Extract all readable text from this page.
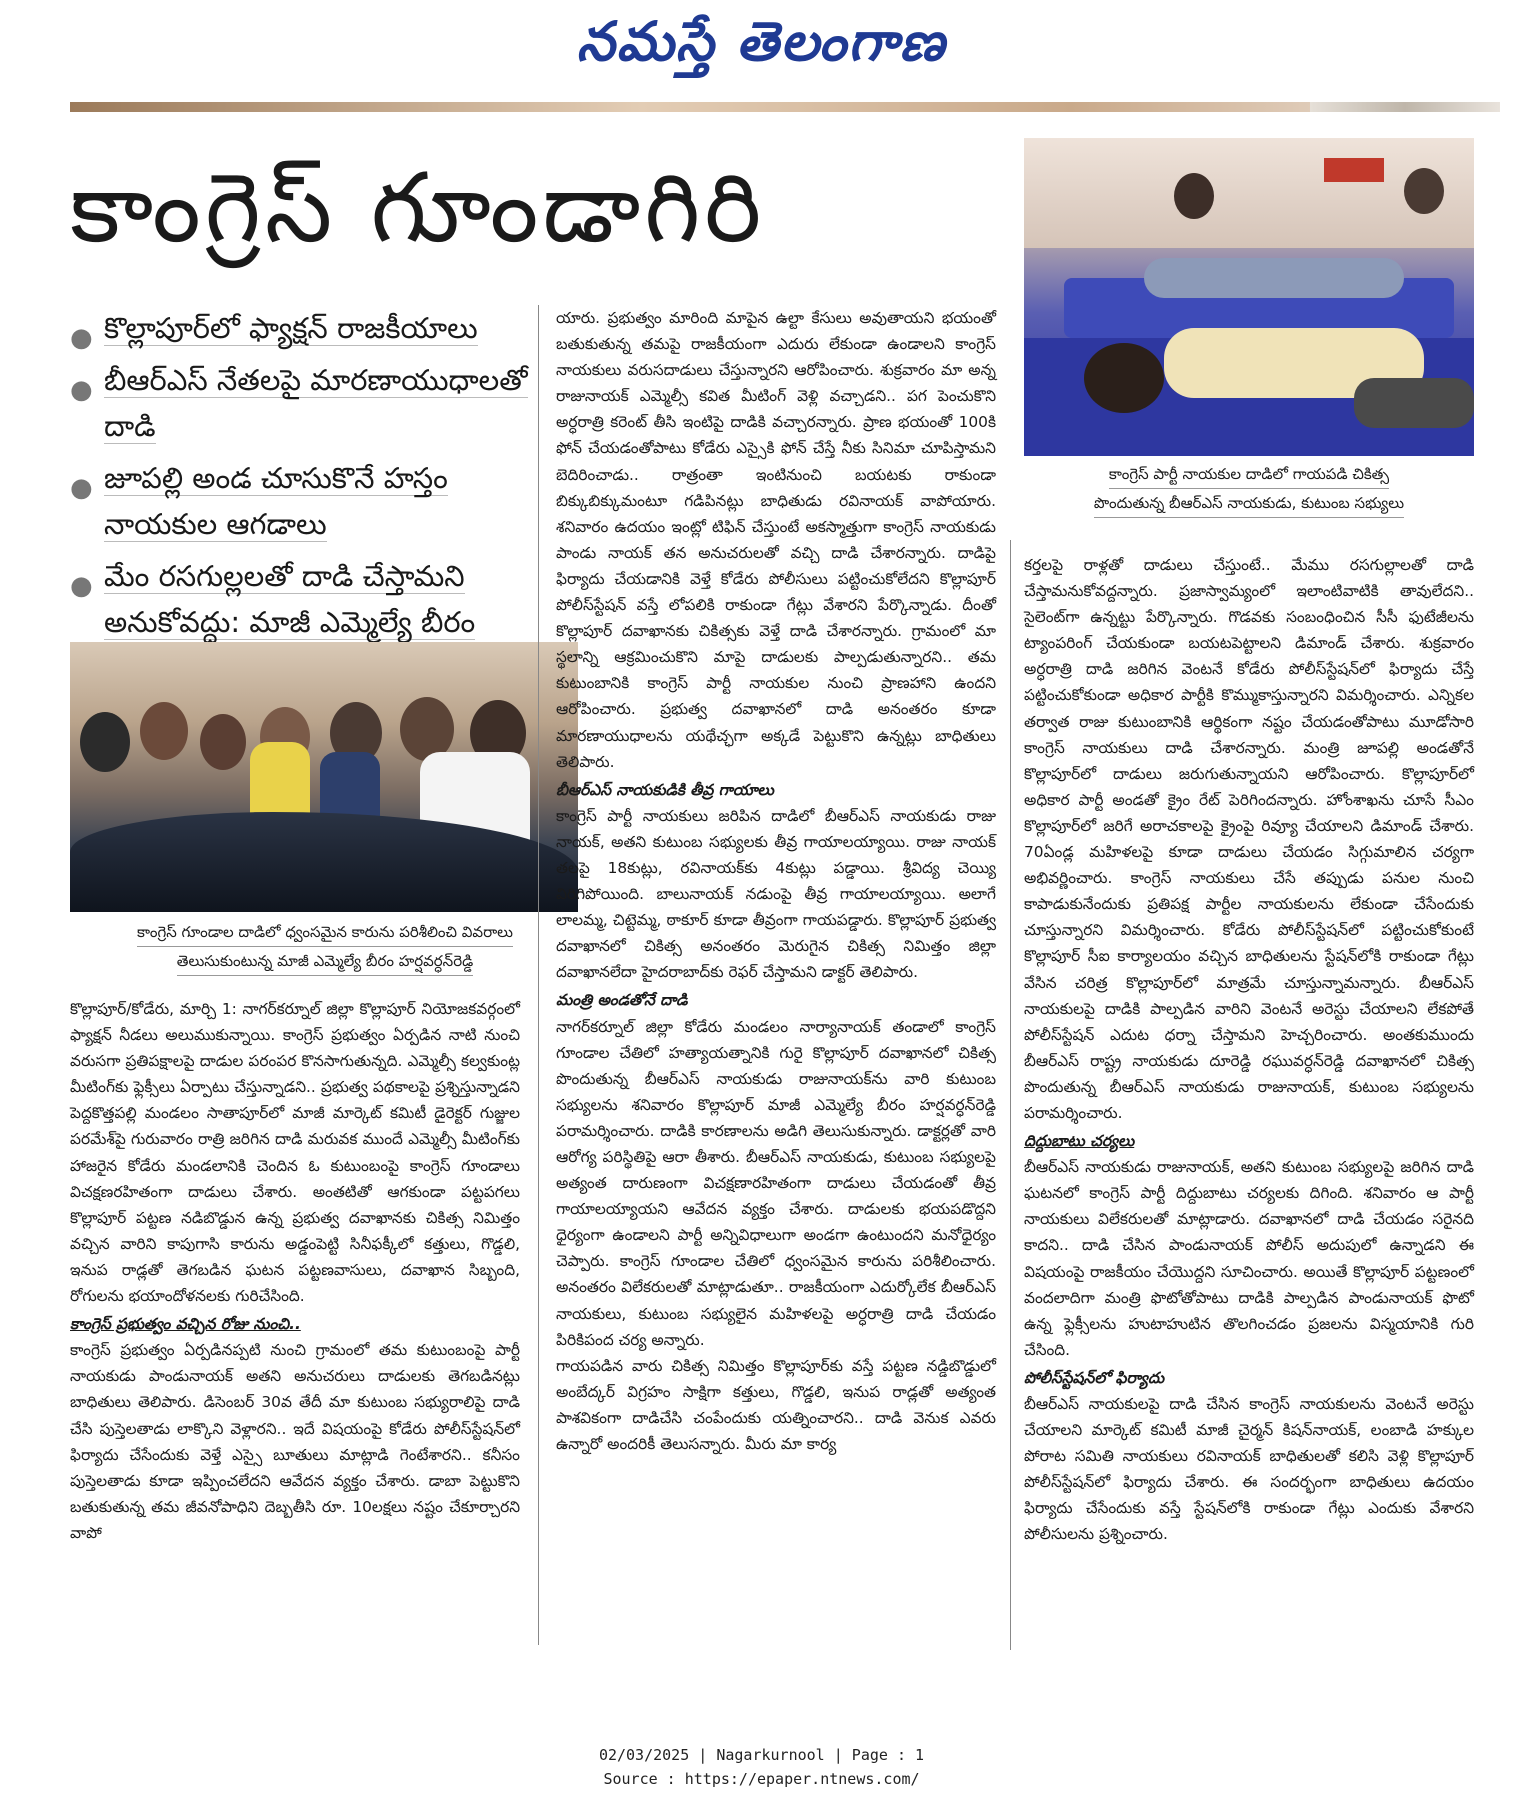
నమస్తే తెలంగాణ
కాంగ్రెస్ గూండాగిరి
● కొల్లాపూర్‌లో ఫ్యాక్షన్ రాజకీయాలు
● బీఆర్‌ఎస్ నేతలపై మారణాయుధాలతో దాడి
● జూపల్లి అండ చూసుకొనే హస్తం నాయకుల ఆగడాలు
● మేం రసగుల్లలతో దాడి చేస్తామని అనుకోవద్దు: మాజీ ఎమ్మెల్యే బీరం
కాంగ్రెస్ గూండాల దాడిలో ధ్వంసమైన కారును పరిశీలించి వివరాలు
తెలుసుకుంటున్న మాజీ ఎమ్మెల్యే బీరం హర్షవర్ధన్‌రెడ్డి
కాంగ్రెస్ పార్టీ నాయకుల దాడిలో గాయపడి చికిత్స
పొందుతున్న బీఆర్‌ఎస్ నాయకుడు, కుటుంబ సభ్యులు

కొల్లాపూర్/కోడేరు, మార్చి 1: నాగర్‌కర్నూల్ జిల్లా కొల్లాపూర్ నియోజకవర్గంలో ఫ్యాక్షన్ నీడలు అలుముకున్నాయి. కాంగ్రెస్ ప్రభుత్వం ఏర్పడిన నాటి నుంచి వరుసగా ప్రతిపక్షాలపై దాడుల పరంపర కొనసాగుతున్నది. ఎమ్మెల్సీ కల్వకుంట్ల మీటింగ్‌కు ఫ్లెక్సీలు ఏర్పాటు చేస్తున్నాడని.. ప్రభుత్వ పథకాలపై ప్రశ్నిస్తున్నాడని పెద్దకొత్తపల్లి మండలం సాతాపూర్‌లో మాజీ మార్కెట్ కమిటీ డైరెక్టర్ గుజ్జుల పరమేశ్‌పై గురువారం రాత్రి జరిగిన దాడి మరువక ముందే ఎమ్మెల్సీ మీటింగ్‌కు హాజరైన కోడేరు మండలానికి చెందిన ఓ కుటుంబంపై కాంగ్రెస్ గూండాలు విచక్షణరహితంగా దాడులు చేశారు. అంతటితో ఆగకుండా పట్టపగలు కొల్లాపూర్ పట్టణ నడిబొడ్డున ఉన్న ప్రభుత్వ దవాఖానకు చికిత్స నిమిత్తం వచ్చిన వారిని కాపుగాసి కారును అడ్డంపెట్టి సినీఫక్కీలో కత్తులు, గొడ్డలి, ఇనుప రాడ్లతో తెగబడిన ఘటన పట్టణవాసులు, దవాఖాన సిబ్బంది, రోగులను భయాందోళనలకు గురిచేసింది.

కాంగ్రెస్ ప్రభుత్వం వచ్చిన రోజు నుంచి..

కాంగ్రెస్ ప్రభుత్వం ఏర్పడినప్పటి నుంచి గ్రామంలో తమ కుటుంబంపై పార్టీ నాయకుడు పాండునాయక్ అతని అనుచరులు దాడులకు తెగబడినట్లు బాధితులు తెలిపారు. డిసెంబర్ 30వ తేదీ మా కుటుంబ సభ్యురాలిపై దాడి చేసి పుస్తెలతాడు లాక్కొని వెళ్లారని.. ఇదే విషయంపై కోడేరు పోలీస్‌స్టేషన్‌లో ఫిర్యాదు చేసేందుకు వెళ్తే ఎస్సై బూతులు మాట్లాడి గెంటేశారని.. కనీసం పుస్తెలతాడు కూడా ఇప్పించలేదని ఆవేదన వ్యక్తం చేశారు. డాబా పెట్టుకొని బతుకుతున్న తమ జీవనోపాధిని దెబ్బతీసి రూ. 10లక్షలు నష్టం చేకూర్చారని వాపో

యారు. ప్రభుత్వం మారింది మాపైన ఉల్టా కేసులు అవుతాయని భయంతో బతుకుతున్న తమపై రాజకీయంగా ఎదురు లేకుండా ఉండాలని కాంగ్రెస్ నాయకులు వరుసదాడులు చేస్తున్నారని ఆరోపించారు. శుక్రవారం మా అన్న రాజునాయక్ ఎమ్మెల్సీ కవిత మీటింగ్ వెళ్లి వచ్చాడని.. పగ పెంచుకొని అర్ధరాత్రి కరెంట్ తీసి ఇంటిపై దాడికి వచ్చారన్నారు. ప్రాణ భయంతో 100కి ఫోన్ చేయడంతోపాటు కోడేరు ఎస్సైకి ఫోన్ చేస్తే నీకు సినిమా చూపిస్తామని బెదిరించాడు.. రాత్రంతా ఇంటినుంచి బయటకు రాకుండా బిక్కుబిక్కుమంటూ గడిపినట్లు బాధితుడు రవినాయక్ వాపోయారు. శనివారం ఉదయం ఇంట్లో టిఫిన్ చేస్తుంటే అకస్మాత్తుగా కాంగ్రెస్ నాయకుడు పాండు నాయక్ తన అనుచరులతో వచ్చి దాడి చేశారన్నారు. దాడిపై ఫిర్యాదు చేయడానికి వెళ్తే కోడేరు పోలీసులు పట్టించుకోలేదని కొల్లాపూర్ పోలీస్‌స్టేషన్ వస్తే లోపలికి రాకుండా గేట్లు వేశారని పేర్కొన్నాడు. దీంతో కొల్లాపూర్ దవాఖానకు చికిత్సకు వెళ్తే దాడి చేశారన్నారు. గ్రామంలో మా స్థలాన్ని ఆక్రమించుకొని మాపై దాడులకు పాల్పడుతున్నారని.. తమ కుటుంబానికి కాంగ్రెస్ పార్టీ నాయకుల నుంచి ప్రాణహాని ఉందని ఆరోపించారు. ప్రభుత్వ దవాఖానలో దాడి అనంతరం కూడా మారణాయుధాలను యథేచ్ఛగా అక్కడే పెట్టుకొని ఉన్నట్లు బాధితులు తెలిపారు.

బీఆర్‌ఎస్ నాయకుడికి తీవ్ర గాయాలు

కాంగ్రెస్ పార్టీ నాయకులు జరిపిన దాడిలో బీఆర్‌ఎస్ నాయకుడు రాజు నాయక్, అతని కుటుంబ సభ్యులకు తీవ్ర గాయాలయ్యాయి. రాజు నాయక్ తలపై 18కుట్లు, రవినాయక్‌కు 4కుట్లు పడ్డాయి. శ్రీవిద్య చెయ్యి విరిగిపోయింది. బాలునాయక్ నడుంపై తీవ్ర గాయాలయ్యాయి. అలాగే లాలమ్మ, చిట్టెమ్మ, ఠాకూర్ కూడా తీవ్రంగా గాయపడ్డారు. కొల్లాపూర్ ప్రభుత్వ దవాఖానలో చికిత్స అనంతరం మెరుగైన చికిత్స నిమిత్తం జిల్లా దవాఖానలేదా హైదరాబాద్‌కు రెఫర్ చేస్తామని డాక్టర్ తెలిపారు.

మంత్రి అండతోనే దాడి

నాగర్‌కర్నూల్ జిల్లా కోడేరు మండలం నార్యానాయక్ తండాలో కాంగ్రెస్ గూండాల చేతిలో హత్యాయత్నానికి గురై కొల్లాపూర్ దవాఖానలో చికిత్స పొందుతున్న బీఆర్‌ఎస్ నాయకుడు రాజునాయక్‌ను వారి కుటుంబ సభ్యులను శనివారం కొల్లాపూర్ మాజీ ఎమ్మెల్యే బీరం హర్షవర్ధన్‌రెడ్డి పరామర్శించారు. దాడికి కారణాలను అడిగి తెలుసుకున్నారు. డాక్టర్లతో వారి ఆరోగ్య పరిస్థితిపై ఆరా తీశారు. బీఆర్‌ఎస్ నాయకుడు, కుటుంబ సభ్యులపై అత్యంత దారుణంగా విచక్షణారహితంగా దాడులు చేయడంతో తీవ్ర గాయాలయ్యాయని ఆవేదన వ్యక్తం చేశారు. దాడులకు భయపడొద్దని ధైర్యంగా ఉండాలని పార్టీ అన్నివిధాలుగా అండగా ఉంటుందని మనోధైర్యం చెప్పారు. కాంగ్రెస్ గూండాల చేతిలో ధ్వంసమైన కారును పరిశీలించారు. అనంతరం విలేకరులతో మాట్లాడుతూ.. రాజకీయంగా ఎదుర్కోలేక బీఆర్‌ఎస్ నాయకులు, కుటుంబ సభ్యులైన మహిళలపై అర్ధరాత్రి దాడి చేయడం పిరికిపంద చర్య అన్నారు.

గాయపడిన వారు చికిత్స నిమిత్తం కొల్లాపూర్‌కు వస్తే పట్టణ నడ్డిబొడ్డులో అంబేద్కర్ విగ్రహం సాక్షిగా కత్తులు, గొడ్డలి, ఇనుప రాడ్లతో అత్యంత పాశవికంగా దాడిచేసి చంపేందుకు యత్నించారని.. దాడి వెనుక ఎవరు ఉన్నారో అందరికీ తెలుసన్నారు. మీరు మా కార్య

కర్తలపై రాళ్లతో దాడులు చేస్తుంటే.. మేము రసగుల్లాలతో దాడి చేస్తామనుకోవద్దన్నారు. ప్రజాస్వామ్యంలో ఇలాంటివాటికి తావులేదని.. సైలెంట్‌గా ఉన్నట్టు పేర్కొన్నారు. గొడవకు సంబంధించిన సీసీ ఫుటేజీలను ట్యాంపరింగ్ చేయకుండా బయటపెట్టాలని డిమాండ్ చేశారు. శుక్రవారం అర్ధరాత్రి దాడి జరిగిన వెంటనే కోడేరు పోలీస్‌స్టేషన్‌లో ఫిర్యాదు చేస్తే పట్టించుకోకుండా అధికార పార్టీకి కొమ్ముకాస్తున్నారని విమర్శించారు. ఎన్నికల తర్వాత రాజు కుటుంబానికి ఆర్థికంగా నష్టం చేయడంతోపాటు మూడోసారి కాంగ్రెస్ నాయకులు దాడి చేశారన్నారు. మంత్రి జూపల్లి అండతోనే కొల్లాపూర్‌లో దాడులు జరుగుతున్నాయని ఆరోపించారు. కొల్లాపూర్‌లో అధికార పార్టీ అండతో క్రైం రేట్ పెరిగిందన్నారు. హోంశాఖను చూసే సీఎం కొల్లాపూర్‌లో జరిగే అరాచకాలపై క్రైంపై రివ్యూ చేయాలని డిమాండ్ చేశారు. 70ఏండ్ల మహిళలపై కూడా దాడులు చేయడం సిగ్గుమాలిన చర్యగా అభివర్ణించారు. కాంగ్రెస్ నాయకులు చేసే తప్పుడు పనుల నుంచి కాపాడుకునేందుకు ప్రతిపక్ష పార్టీల నాయకులను లేకుండా చేసేందుకు చూస్తున్నారని విమర్శించారు. కోడేరు పోలీస్‌స్టేషన్‌లో పట్టించుకోకుంటే కొల్లాపూర్ సీఐ కార్యాలయం వచ్చిన బాధితులను స్టేషన్‌లోకి రాకుండా గేట్లు వేసిన చరిత్ర కొల్లాపూర్‌లో మాత్రమే చూస్తున్నామన్నారు. బీఆర్‌ఎస్ నాయకులపై దాడికి పాల్పడిన వారిని వెంటనే అరెస్టు చేయాలని లేకపోతే పోలీస్‌స్టేషన్ ఎదుట ధర్నా చేస్తామని హెచ్చరించారు. అంతకుముందు బీఆర్‌ఎస్ రాష్ట్ర నాయకుడు దూరెడ్డి రఘువర్ధన్‌రెడ్డి దవాఖానలో చికిత్స పొందుతున్న బీఆర్‌ఎస్ నాయకుడు రాజునాయక్, కుటుంబ సభ్యులను పరామర్శించారు.

దిద్దుబాటు చర్యలు

బీఆర్‌ఎస్ నాయకుడు రాజునాయక్, అతని కుటుంబ సభ్యులపై జరిగిన దాడి ఘటనలో కాంగ్రెస్ పార్టీ దిద్దుబాటు చర్యలకు దిగింది. శనివారం ఆ పార్టీ నాయకులు విలేకరులతో మాట్లాడారు. దవాఖానలో దాడి చేయడం సరైనది కాదని.. దాడి చేసిన పాండునాయక్ పోలీస్ అదుపులో ఉన్నాడని ఈ విషయంపై రాజకీయం చేయొద్దని సూచించారు. అయితే కొల్లాపూర్ పట్టణంలో వందలాదిగా మంత్రి ఫొటోతోపాటు దాడికి పాల్పడిన పాండునాయక్ ఫొటో ఉన్న ఫ్లెక్సీలను హుటాహుటిన తొలగించడం ప్రజలను విస్మయానికి గురి చేసింది.

పోలీస్‌స్టేషన్‌లో ఫిర్యాదు

బీఆర్‌ఎస్ నాయకులపై దాడి చేసిన కాంగ్రెస్ నాయకులను వెంటనే అరెస్టు చేయాలని మార్కెట్ కమిటీ మాజీ చైర్మన్ కిషన్‌నాయక్, లంబాడి హక్కుల పోరాట సమితి నాయకులు రవినాయక్ బాధితులతో కలిసి వెళ్లి కొల్లాపూర్ పోలీస్‌స్టేషన్‌లో ఫిర్యాదు చేశారు. ఈ సందర్భంగా బాధితులు ఉదయం ఫిర్యాదు చేసేందుకు వస్తే స్టేషన్‌లోకి రాకుండా గేట్లు ఎందుకు వేశారని పోలీసులను ప్రశ్నించారు.

02/03/2025 | Nagarkurnool | Page : 1
Source : https://epaper.ntnews.com/
